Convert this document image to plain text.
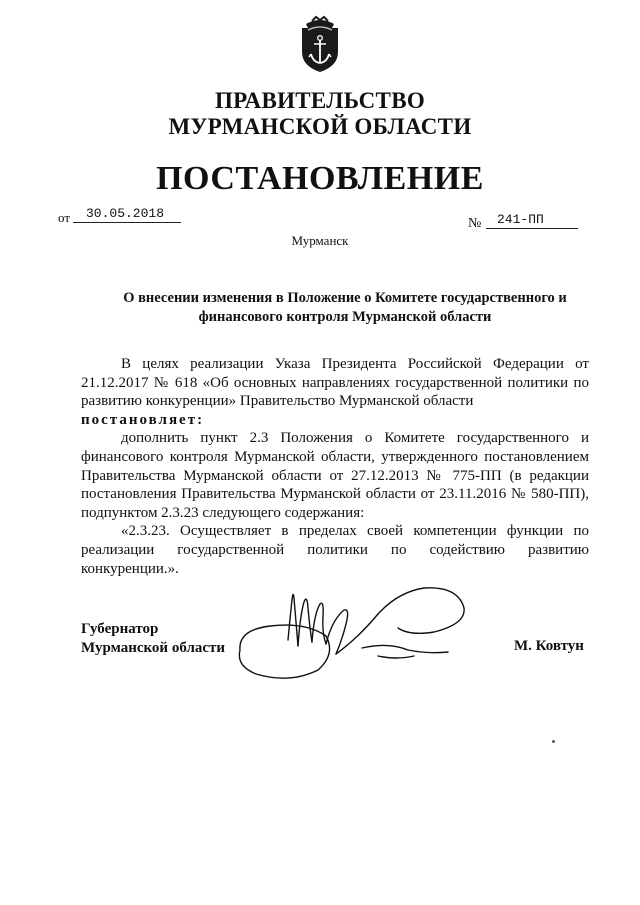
ПРАВИТЕЛЬСТВО
МУРМАНСКОЙ ОБЛАСТИ
ПОСТАНОВЛЕНИЕ
от 30.05.2018
№ 241-ПП
Мурманск
О внесении изменения в Положение о Комитете государственного и финансового контроля Мурманской области

В целях реализации Указа Президента Российской Федерации от 21.12.2017 № 618 «Об основных направлениях государственной политики по развитию конкуренции» Правительство Мурманской области

постановляет:

дополнить пункт 2.3 Положения о Комитете государственного и финансового контроля Мурманской области, утвержденного постановлением Правительства Мурманской области от 27.12.2013 № 775-ПП (в редакции постановления Правительства Мурманской области от 23.11.2016 № 580-ПП), подпунктом 2.3.23 следующего содержания:

«2.3.23. Осуществляет в пределах своей компетенции функции по реализации государственной политики по содействию развитию конкуренции.».

Губернатор
Мурманской области	М. Ковтун
